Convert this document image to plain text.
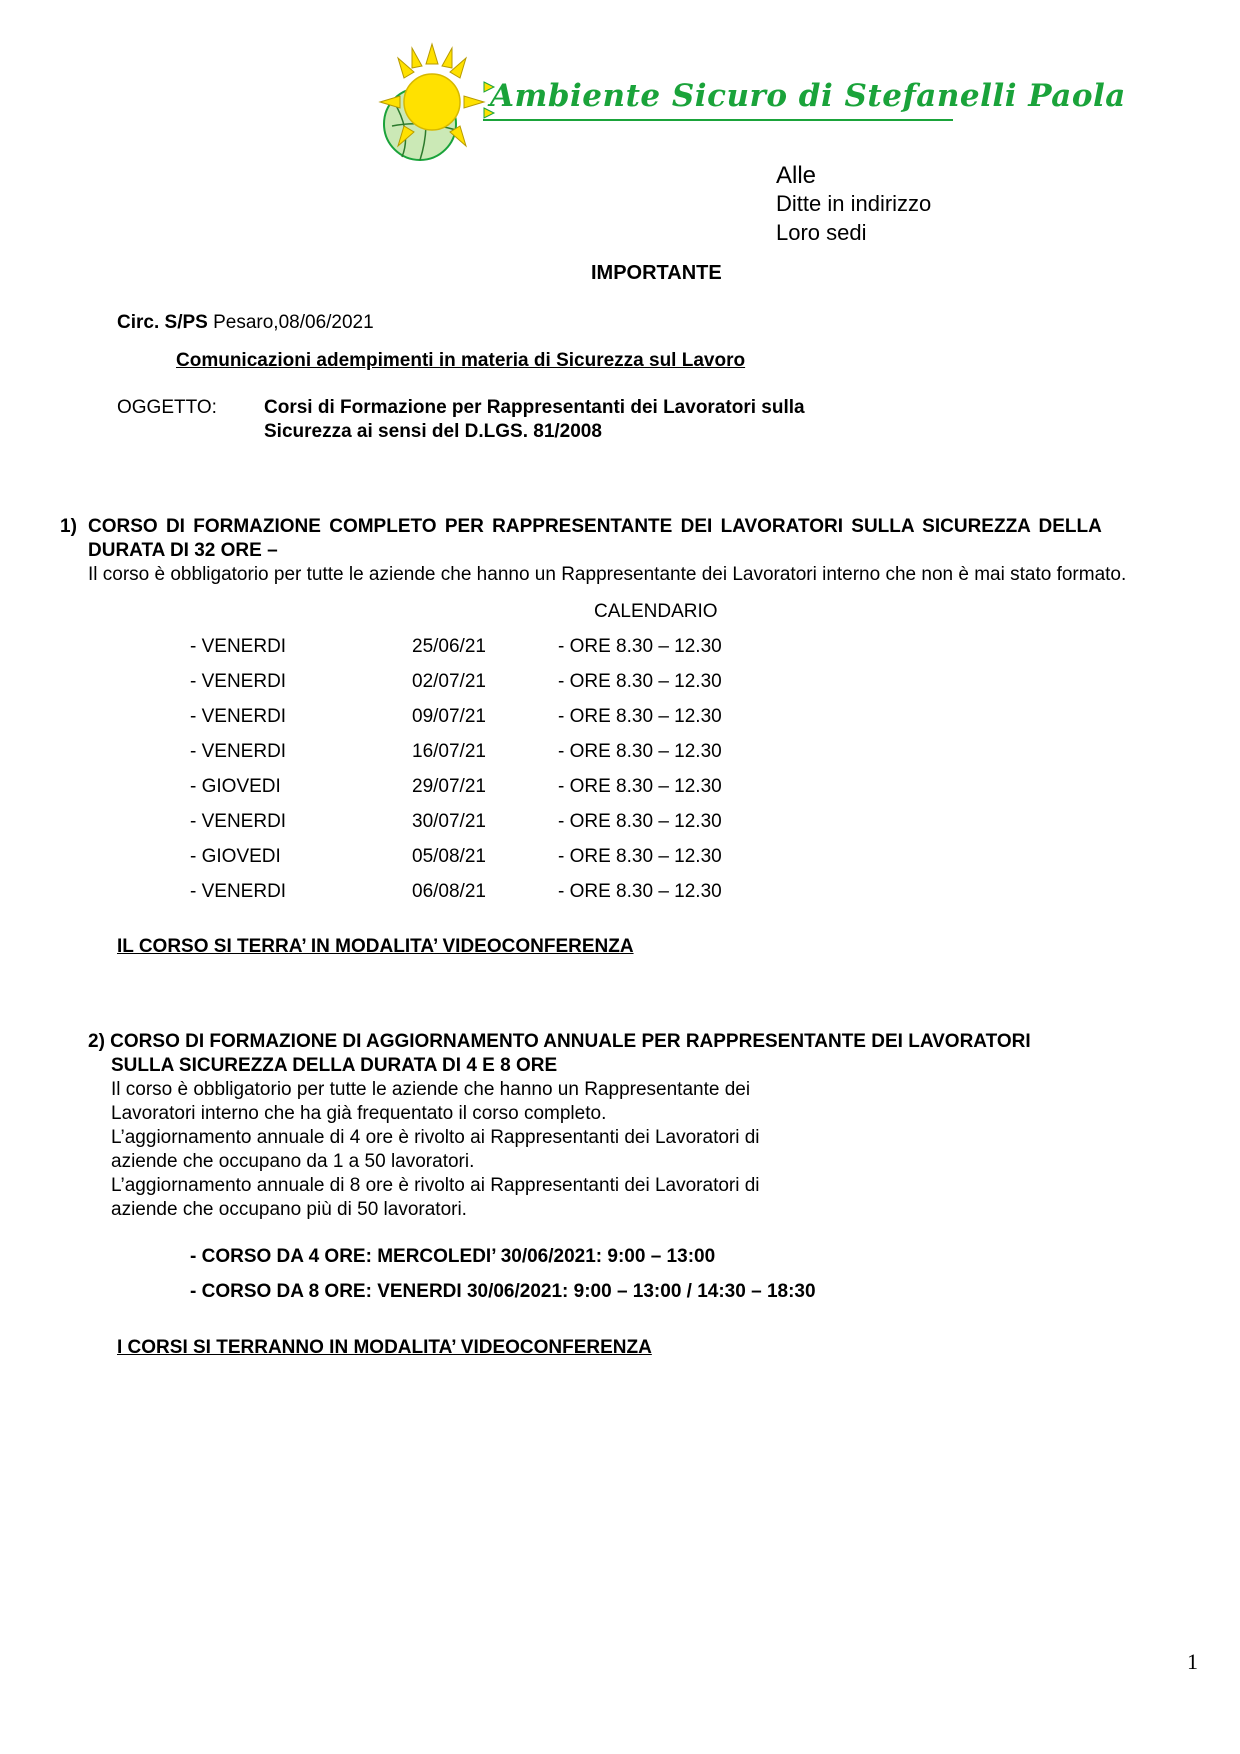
Ambiente Sicuro di Stefanelli Paola
Alle
Ditte in indirizzo
Loro sedi
IMPORTANTE
Circ. S/PS Pesaro,08/06/2021
Comunicazioni adempimenti in materia di Sicurezza sul Lavoro
OGGETTO: Corsi di Formazione per Rappresentanti dei Lavoratori sulla
Sicurezza ai sensi del D.LGS. 81/2008
1) CORSO DI FORMAZIONE COMPLETO PER RAPPRESENTANTE DEI LAVORATORI SULLA SICUREZZA DELLA
DURATA DI 32 ORE –
Il corso è obbligatorio per tutte le aziende che hanno un Rappresentante dei Lavoratori interno che non è mai stato formato.
CALENDARIO
- VENERDI	25/06/21	- ORE 8.30 – 12.30
- VENERDI	02/07/21	- ORE 8.30 – 12.30
- VENERDI	09/07/21	- ORE 8.30 – 12.30
- VENERDI	16/07/21	- ORE 8.30 – 12.30
- GIOVEDI	29/07/21	- ORE 8.30 – 12.30
- VENERDI	30/07/21	- ORE 8.30 – 12.30
- GIOVEDI	05/08/21	- ORE 8.30 – 12.30
- VENERDI	06/08/21	- ORE 8.30 – 12.30
IL CORSO SI TERRA’ IN MODALITA’ VIDEOCONFERENZA
2) CORSO DI FORMAZIONE DI AGGIORNAMENTO ANNUALE PER RAPPRESENTANTE DEI LAVORATORI
SULLA SICUREZZA DELLA DURATA DI 4 E 8 ORE
Il corso è obbligatorio per tutte le aziende che hanno un Rappresentante dei
Lavoratori interno che ha già frequentato il corso completo.
L’aggiornamento annuale di 4 ore è rivolto ai Rappresentanti dei Lavoratori di
aziende che occupano da 1 a 50 lavoratori.
L’aggiornamento annuale di 8 ore è rivolto ai Rappresentanti dei Lavoratori di
aziende che occupano più di 50 lavoratori.
- CORSO DA 4 ORE: MERCOLEDI’ 30/06/2021: 9:00 – 13:00
- CORSO DA 8 ORE: VENERDI 30/06/2021: 9:00 – 13:00 / 14:30 – 18:30
I CORSI SI TERRANNO IN MODALITA’ VIDEOCONFERENZA
1
